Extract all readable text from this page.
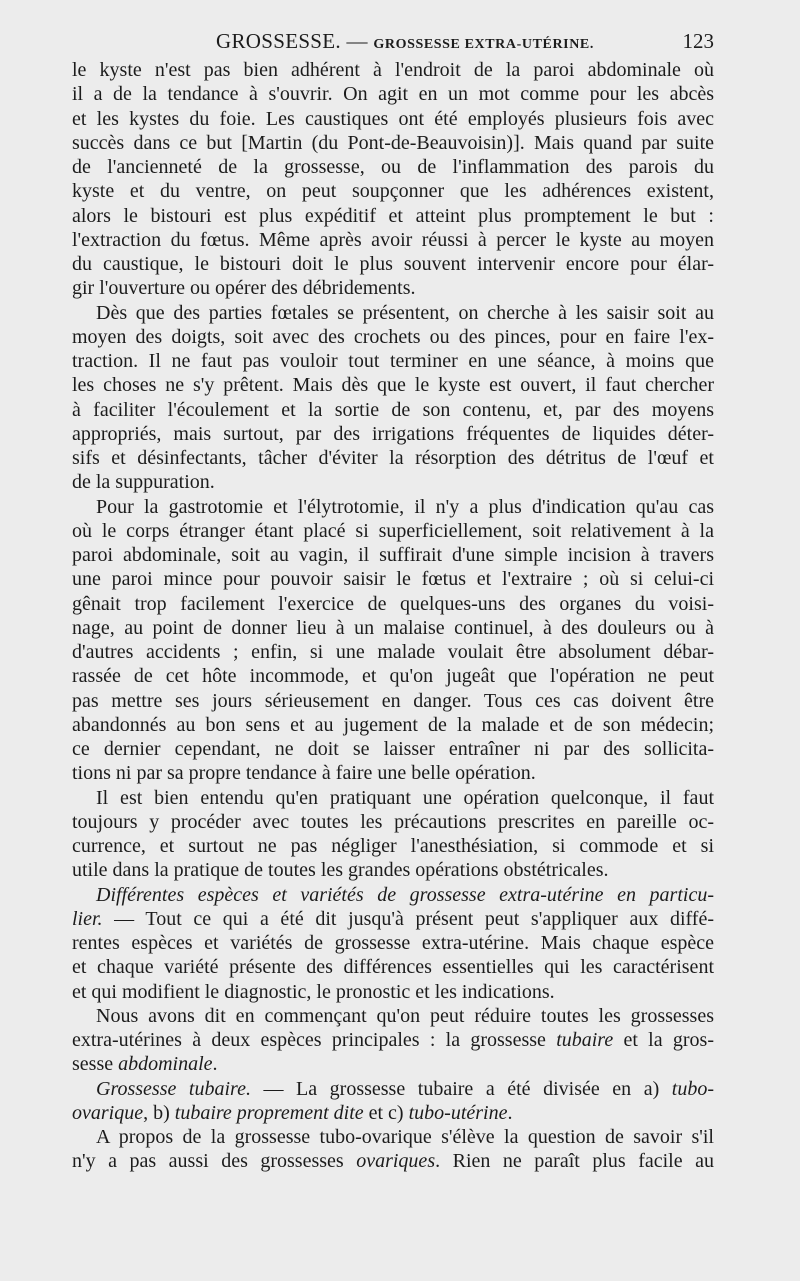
GROSSESSE. — GROSSESSE EXTRA-UTÉRINE.	123
le kyste n'est pas bien adhérent à l'endroit de la paroi abdominale où
il a de la tendance à s'ouvrir. On agit en un mot comme pour les abcès
et les kystes du foie. Les caustiques ont été employés plusieurs fois avec
succès dans ce but [Martin (du Pont-de-Beauvoisin)]. Mais quand par suite
de l'ancienneté de la grossesse, ou de l'inflammation des parois du
kyste et du ventre, on peut soupçonner que les adhérences existent,
alors le bistouri est plus expéditif et atteint plus promptement le but :
l'extraction du fœtus. Même après avoir réussi à percer le kyste au moyen
du caustique, le bistouri doit le plus souvent intervenir encore pour élar-
gir l'ouverture ou opérer des débridements.
Dès que des parties fœtales se présentent, on cherche à les saisir soit au
moyen des doigts, soit avec des crochets ou des pinces, pour en faire l'ex-
traction. Il ne faut pas vouloir tout terminer en une séance, à moins que
les choses ne s'y prêtent. Mais dès que le kyste est ouvert, il faut chercher
à faciliter l'écoulement et la sortie de son contenu, et, par des moyens
appropriés, mais surtout, par des irrigations fréquentes de liquides déter-
sifs et désinfectants, tâcher d'éviter la résorption des détritus de l'œuf et
de la suppuration.
Pour la gastrotomie et l'élytrotomie, il n'y a plus d'indication qu'au cas
où le corps étranger étant placé si superficiellement, soit relativement à la
paroi abdominale, soit au vagin, il suffirait d'une simple incision à travers
une paroi mince pour pouvoir saisir le fœtus et l'extraire ; où si celui-ci
gênait trop facilement l'exercice de quelques-uns des organes du voisi-
nage, au point de donner lieu à un malaise continuel, à des douleurs ou à
d'autres accidents ; enfin, si une malade voulait être absolument débar-
rassée de cet hôte incommode, et qu'on jugeât que l'opération ne peut
pas mettre ses jours sérieusement en danger. Tous ces cas doivent être
abandonnés au bon sens et au jugement de la malade et de son médecin;
ce dernier cependant, ne doit se laisser entraîner ni par des sollicita-
tions ni par sa propre tendance à faire une belle opération.
Il est bien entendu qu'en pratiquant une opération quelconque, il faut
toujours y procéder avec toutes les précautions prescrites en pareille oc-
currence, et surtout ne pas négliger l'anesthésiation, si commode et si
utile dans la pratique de toutes les grandes opérations obstétricales.
Différentes espèces et variétés de grossesse extra-utérine en particu-
lier. — Tout ce qui a été dit jusqu'à présent peut s'appliquer aux diffé-
rentes espèces et variétés de grossesse extra-utérine. Mais chaque espèce
et chaque variété présente des différences essentielles qui les caractérisent
et qui modifient le diagnostic, le pronostic et les indications.
Nous avons dit en commençant qu'on peut réduire toutes les grossesses
extra-utérines à deux espèces principales : la grossesse tubaire et la gros-
sesse abdominale.
Grossesse tubaire. — La grossesse tubaire a été divisée en a) tubo-
ovarique, b) tubaire proprement dite et c) tubo-utérine.
A propos de la grossesse tubo-ovarique s'élève la question de savoir s'il
n'y a pas aussi des grossesses ovariques. Rien ne paraît plus facile au
